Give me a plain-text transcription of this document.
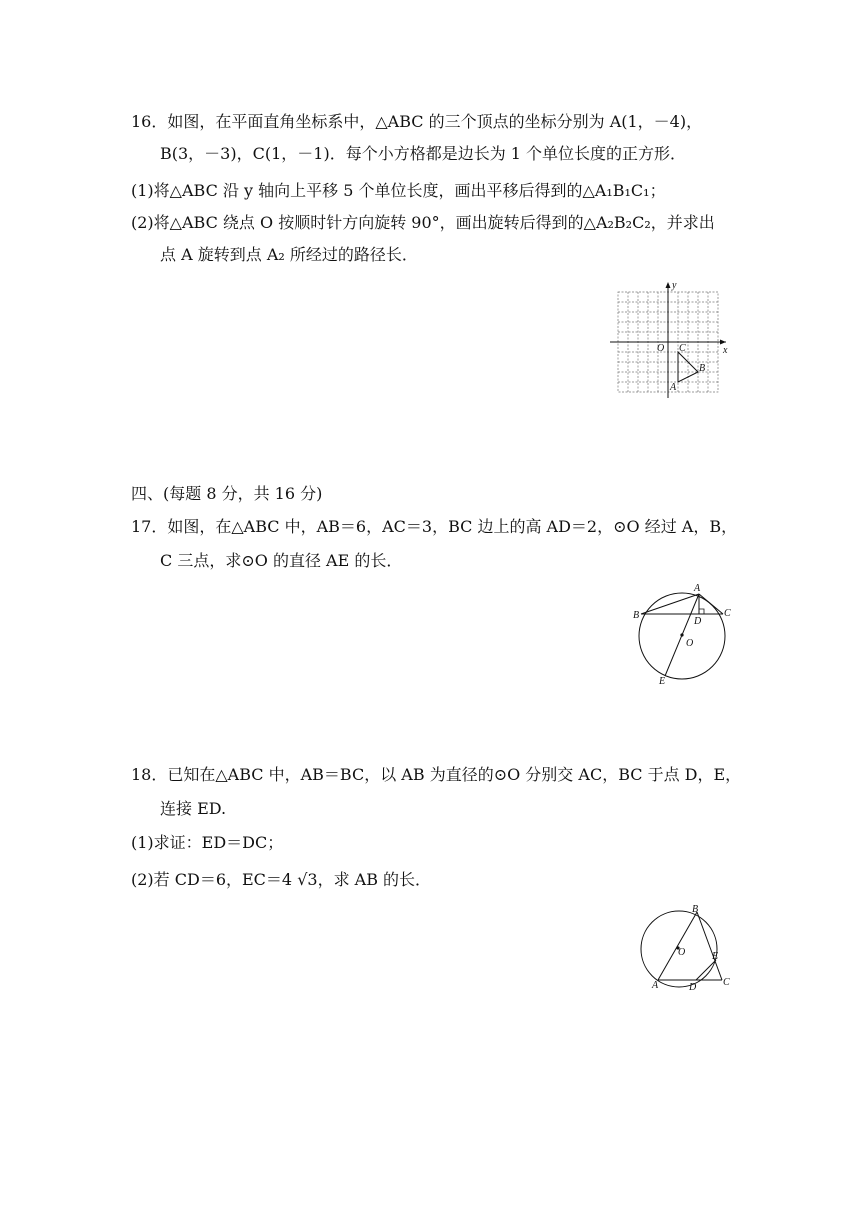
16．如图，在平面直角坐标系中，△ABC 的三个顶点的坐标分别为 A(1，－4)，
B(3，－3)，C(1，－1)．每个小方格都是边长为 1 个单位长度的正方形．
(1)将△ABC 沿 y 轴向上平移 5 个单位长度，画出平移后得到的△A₁B₁C₁；
(2)将△ABC 绕点 O 按顺时针方向旋转 90°，画出旋转后得到的△A₂B₂C₂，并求出
点 A 旋转到点 A₂ 所经过的路径长．
x
y
O C
B
A
四、(每题 8 分，共 16 分)
17．如图，在△ABC 中，AB＝6，AC＝3，BC 边上的高 AD＝2，⊙O 经过 A，B，
C 三点，求⊙O 的直径 AE 的长．
A
B	C
D
O
E
18．已知在△ABC 中，AB＝BC，以 AB 为直径的⊙O 分别交 AC，BC 于点 D，E，
连接 ED.
(1)求证：ED＝DC；
(2)若 CD＝6，EC＝4 √3，求 AB 的长．
B
O	E
A	D	C
